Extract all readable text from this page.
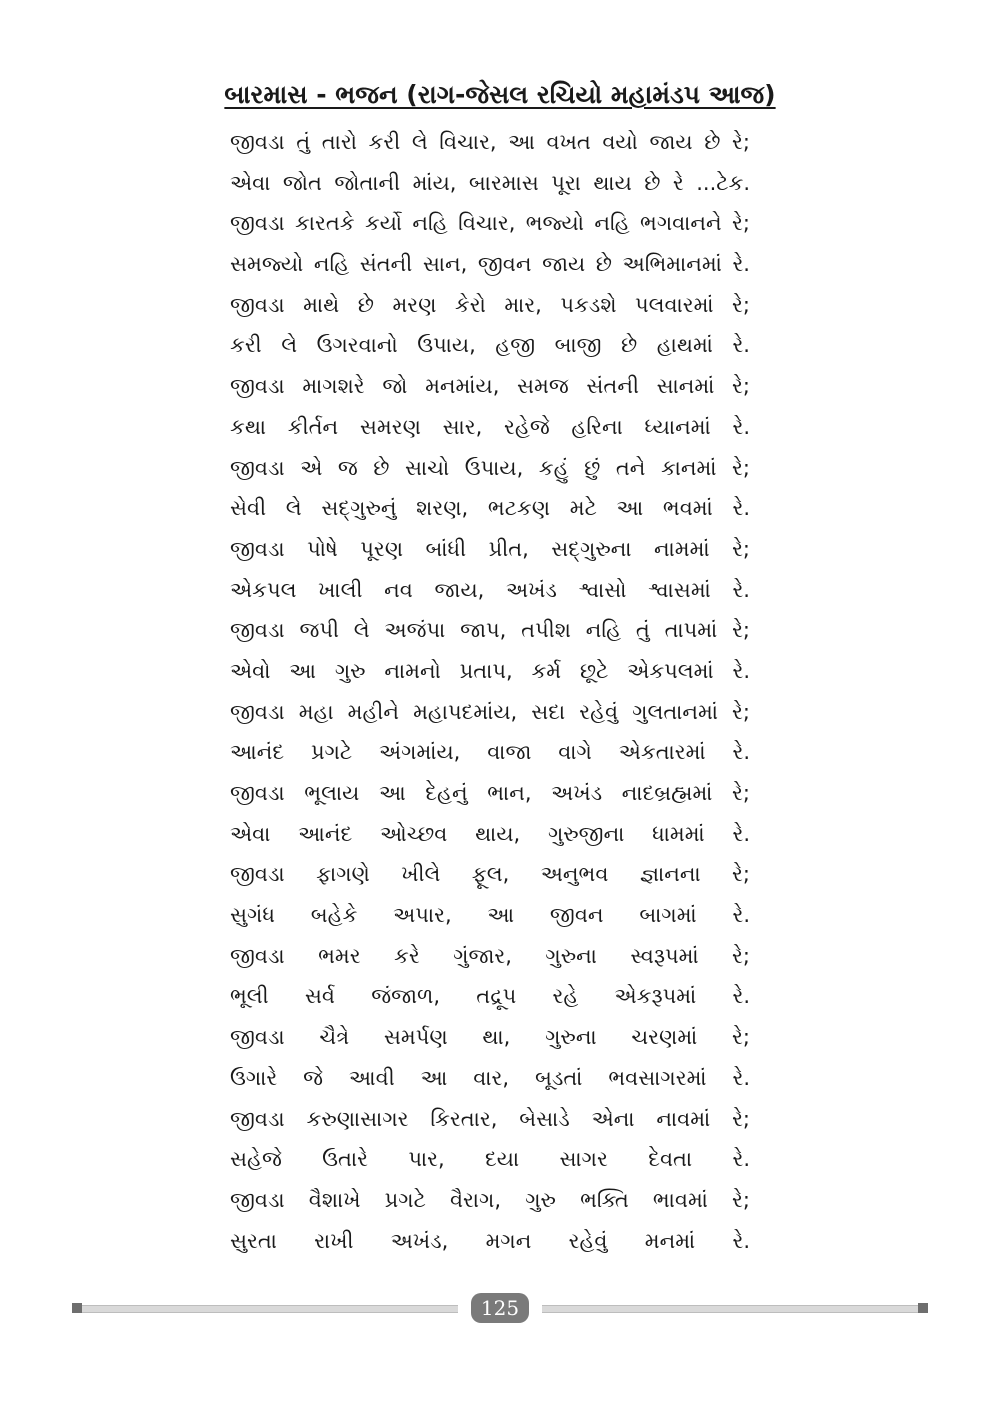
બારમાસ - ભજન (રાગ-જેસલ રચિયો મહામંડપ આજ)
જીવડા તું તારો કરી લે વિચાર, આ વખત વયો જાય છે રે;
એવા જોત જોતાની માંય, બારમાસ પૂરા થાય છે રે ...ટેક.
જીવડા કારતકે કર્યો નહિ વિચાર, ભજ્યો નહિ ભગવાનને રે;
સમજ્યો નહિ સંતની સાન, જીવન જાય છે અભિમાનમાં રે.
જીવડા માથે છે મરણ કેરો માર, પકડશે પલવારમાં રે;
કરી લે ઉગરવાનો ઉપાય, હજી બાજી છે હાથમાં રે.
જીવડા માગશરે જો મનમાંય, સમજ સંતની સાનમાં રે;
કથા કીર્તન સમરણ સાર, રહેજે હરિના ધ્યાનમાં રે.
જીવડા એ જ છે સાચો ઉપાય, કહું છું તને કાનમાં રે;
સેવી લે સદ્ગુરુનું શરણ, ભટકણ મટે આ ભવમાં રે.
જીવડા પોષે પૂરણ બાંધી પ્રીત, સદ્ગુરુના નામમાં રે;
એકપલ ખાલી નવ જાય, અખંડ શ્વાસો શ્વાસમાં રે.
જીવડા જપી લે અજંપા જાપ, તપીશ નહિ તું તાપમાં રે;
એવો આ ગુરુ નામનો પ્રતાપ, કર્મ છૂટે એકપલમાં રે.
જીવડા મહા મહીને મહાપદમાંય, સદા રહેવું ગુલતાનમાં રે;
આનંદ પ્રગટે અંગમાંય, વાજા વાગે એકતારમાં રે.
જીવડા ભૂલાય આ દેહનું ભાન, અખંડ નાદબ્રહ્મમાં રે;
એવા આનંદ ઓચ્છવ થાય, ગુરુજીના ધામમાં રે.
જીવડા ફાગણે ખીલે ફૂલ, અનુભવ જ્ઞાનના રે;
સુગંધ બહેકે અપાર, આ જીવન બાગમાં રે.
જીવડા ભમર કરે ગુંજાર, ગુરુના સ્વરૂપમાં રે;
ભૂલી સર્વ જંજાળ, તદ્રૂપ રહે એકરૂપમાં રે.
જીવડા ચૈત્રે સમર્પણ થા, ગુરુના ચરણમાં રે;
ઉગારે જે આવી આ વાર, બૂડતાં ભવસાગરમાં રે.
જીવડા કરુણાસાગર કિરતાર, બેસાડે એના નાવમાં રે;
સહેજે ઉતારે પાર, દયા સાગર દેવતા રે.
જીવડા વૈશાખે પ્રગટે વૈરાગ, ગુરુ ભક્તિ ભાવમાં રે;
સુરતા રાખી અખંડ, મગન રહેવું મનમાં રે.
125
